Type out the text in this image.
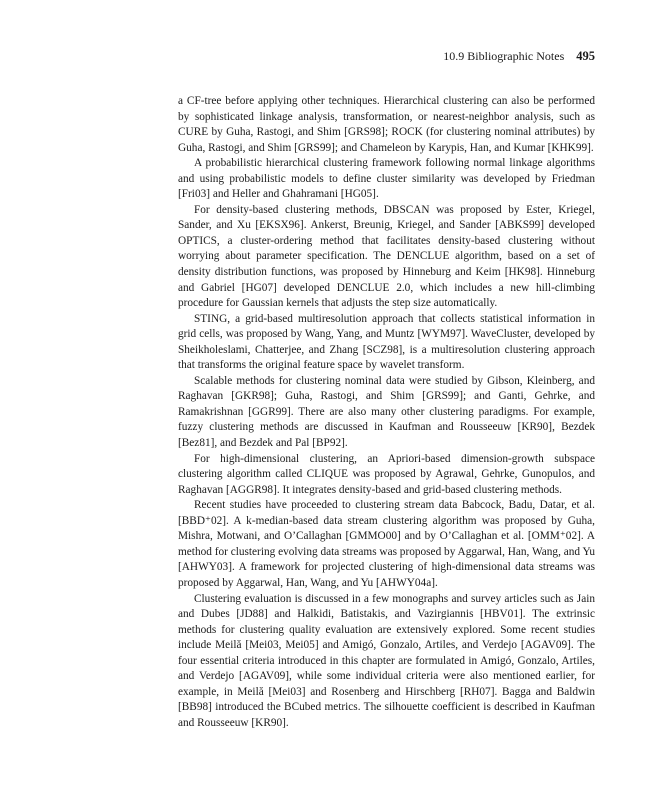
10.9 Bibliographic Notes 495

a CF-tree before applying other techniques. Hierarchical clustering can also be performed by sophisticated linkage analysis, transformation, or nearest-neighbor analysis, such as CURE by Guha, Rastogi, and Shim [GRS98]; ROCK (for clustering nominal attributes) by Guha, Rastogi, and Shim [GRS99]; and Chameleon by Karypis, Han, and Kumar [KHK99].

A probabilistic hierarchical clustering framework following normal linkage algorithms and using probabilistic models to define cluster similarity was developed by Friedman [Fri03] and Heller and Ghahramani [HG05].

For density-based clustering methods, DBSCAN was proposed by Ester, Kriegel, Sander, and Xu [EKSX96]. Ankerst, Breunig, Kriegel, and Sander [ABKS99] developed OPTICS, a cluster-ordering method that facilitates density-based clustering without worrying about parameter specification. The DENCLUE algorithm, based on a set of density distribution functions, was proposed by Hinneburg and Keim [HK98]. Hinneburg and Gabriel [HG07] developed DENCLUE 2.0, which includes a new hill-climbing procedure for Gaussian kernels that adjusts the step size automatically.

STING, a grid-based multiresolution approach that collects statistical information in grid cells, was proposed by Wang, Yang, and Muntz [WYM97]. WaveCluster, developed by Sheikholeslami, Chatterjee, and Zhang [SCZ98], is a multiresolution clustering approach that transforms the original feature space by wavelet transform.

Scalable methods for clustering nominal data were studied by Gibson, Kleinberg, and Raghavan [GKR98]; Guha, Rastogi, and Shim [GRS99]; and Ganti, Gehrke, and Ramakrishnan [GGR99]. There are also many other clustering paradigms. For example, fuzzy clustering methods are discussed in Kaufman and Rousseeuw [KR90], Bezdek [Bez81], and Bezdek and Pal [BP92].

For high-dimensional clustering, an Apriori-based dimension-growth subspace clustering algorithm called CLIQUE was proposed by Agrawal, Gehrke, Gunopulos, and Raghavan [AGGR98]. It integrates density-based and grid-based clustering methods.

Recent studies have proceeded to clustering stream data Babcock, Badu, Datar, et al. [BBD⁺02]. A k-median-based data stream clustering algorithm was proposed by Guha, Mishra, Motwani, and O’Callaghan [GMMO00] and by O’Callaghan et al. [OMM⁺02]. A method for clustering evolving data streams was proposed by Aggarwal, Han, Wang, and Yu [AHWY03]. A framework for projected clustering of high-dimensional data streams was proposed by Aggarwal, Han, Wang, and Yu [AHWY04a].

Clustering evaluation is discussed in a few monographs and survey articles such as Jain and Dubes [JD88] and Halkidi, Batistakis, and Vazirgiannis [HBV01]. The extrinsic methods for clustering quality evaluation are extensively explored. Some recent studies include Meilă [Mei03, Mei05] and Amigó, Gonzalo, Artiles, and Verdejo [AGAV09]. The four essential criteria introduced in this chapter are formulated in Amigó, Gonzalo, Artiles, and Verdejo [AGAV09], while some individual criteria were also mentioned earlier, for example, in Meilă [Mei03] and Rosenberg and Hirschberg [RH07]. Bagga and Baldwin [BB98] introduced the BCubed metrics. The silhouette coefficient is described in Kaufman and Rousseeuw [KR90].
